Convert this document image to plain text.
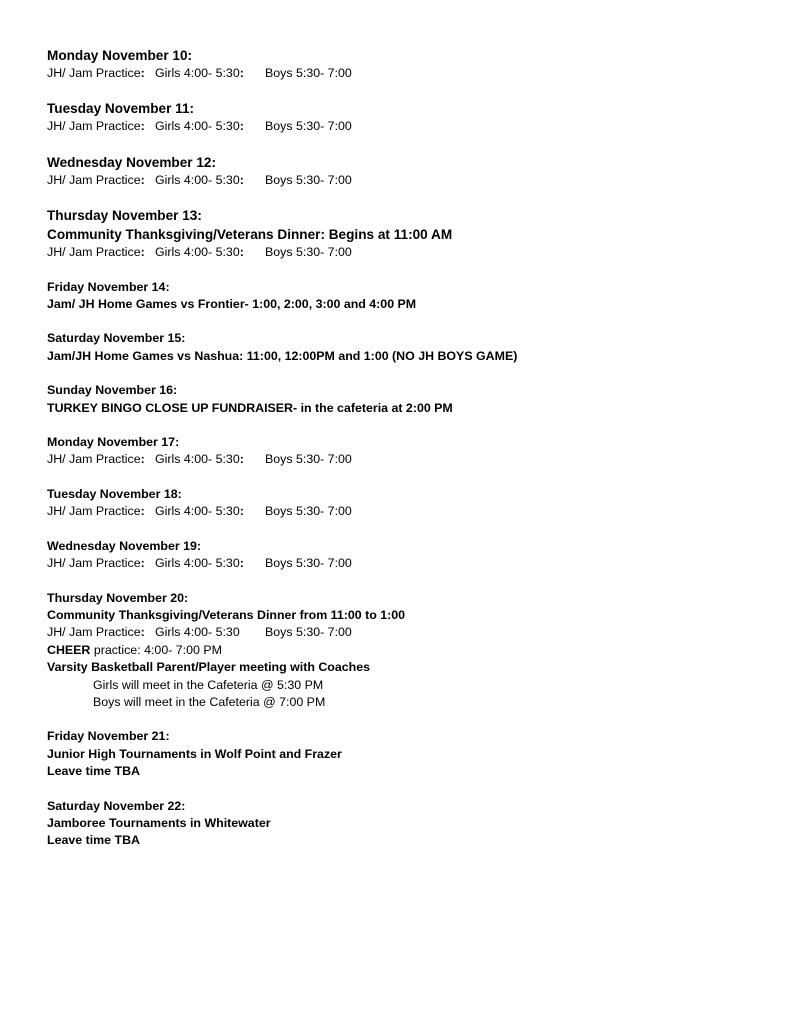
Monday November 10:
JH/ Jam Practice: Girls 4:00- 5:30: Boys 5:30- 7:00
Tuesday November 11:
JH/ Jam Practice: Girls 4:00- 5:30: Boys 5:30- 7:00
Wednesday November 12:
JH/ Jam Practice: Girls 4:00- 5:30: Boys 5:30- 7:00
Thursday November 13:
Community Thanksgiving/Veterans Dinner: Begins at 11:00 AM
JH/ Jam Practice: Girls 4:00- 5:30: Boys 5:30- 7:00
Friday November 14:
Jam/ JH Home Games vs Frontier- 1:00, 2:00, 3:00 and 4:00 PM
Saturday November 15:
Jam/JH Home Games vs Nashua: 11:00, 12:00PM and 1:00 (NO JH BOYS GAME)
Sunday November 16:
TURKEY BINGO CLOSE UP FUNDRAISER- in the cafeteria at 2:00 PM
Monday November 17:
JH/ Jam Practice: Girls 4:00- 5:30: Boys 5:30- 7:00
Tuesday November 18:
JH/ Jam Practice: Girls 4:00- 5:30: Boys 5:30- 7:00
Wednesday November 19:
JH/ Jam Practice: Girls 4:00- 5:30: Boys 5:30- 7:00
Thursday November 20:
Community Thanksgiving/Veterans Dinner from 11:00 to 1:00
JH/ Jam Practice: Girls 4:00- 5:30 Boys 5:30- 7:00
CHEER practice: 4:00- 7:00 PM
Varsity Basketball Parent/Player meeting with Coaches
Girls will meet in the Cafeteria @ 5:30 PM
Boys will meet in the Cafeteria @ 7:00 PM
Friday November 21:
Junior High Tournaments in Wolf Point and Frazer
Leave time TBA
Saturday November 22:
Jamboree Tournaments in Whitewater
Leave time TBA
